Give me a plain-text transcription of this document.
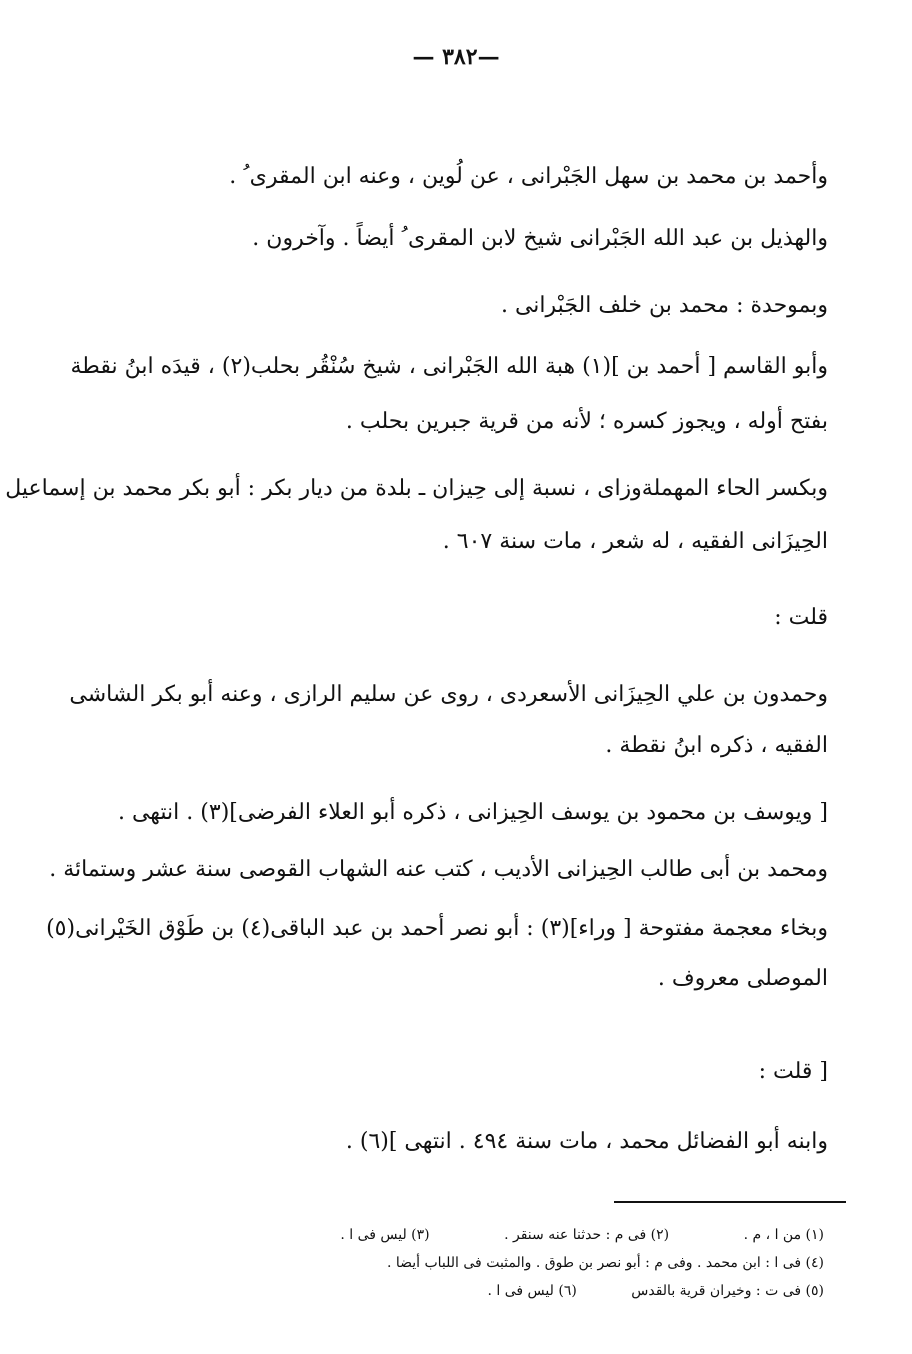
—٣٨٢ —
وأحمد بن محمد بن سهل الجَبْرانى ، عن لُوين ، وعنه ابن المقرى ُ .
والهذيل بن عبد الله الجَبْرانى شيخ لابن المقرى ُ أيضاً . وآخرون .
وبموحدة : محمد بن خلف الجَبْرانى .
وأبو القاسم [ أحمد بن ](١) هبة الله الجَبْرانى ، شيخ سُنْقُر بحلب(٢) ، قيدَه ابنُ نقطة
بفتح أوله ، ويجوز كسره ؛ لأنه من قرية جبرين بحلب .
وبكسر الحاء المهملةوزاى ، نسبة إلى حِيزان ـ بلدة من ديار بكر : أبو بكر محمد بن إسماعيل
الحِيزَانى الفقيه ، له شعر ، مات سنة ٦٠٧ .
قلت :
وحمدون بن علي الحِيزَانى الأسعردى ، روى عن سليم الرازى ، وعنه أبو بكر الشاشى
الفقيه ، ذكره ابنُ نقطة .
[ ويوسف بن محمود بن يوسف الحِيزانى ، ذكره أبو العلاء الفرضى](٣) . انتهى .
ومحمد بن أبى طالب الحِيزانى الأديب ، كتب عنه الشهاب القوصى سنة عشر وستمائة .
وبخاء معجمة مفتوحة [ وراء](٣) : أبو نصر أحمد بن عبد الباقى(٤) بن طَوْق الخَيْرانى(٥)
الموصلى معروف .
[ قلت :
وابنه أبو الفضائل محمد ، مات سنة ٤٩٤ . انتهى ](٦) .
(١) من ا ، م . (٢) فى م : حدثنا عنه سنقر . (٣) ليس فى ا .
(٤) فى ا : ابن محمد . وفى م : أبو نصر بن طوق . والمثبت فى اللباب أيضا .
(٥) فى ت : وخيران قرية بالقدس (٦) ليس فى ا .
